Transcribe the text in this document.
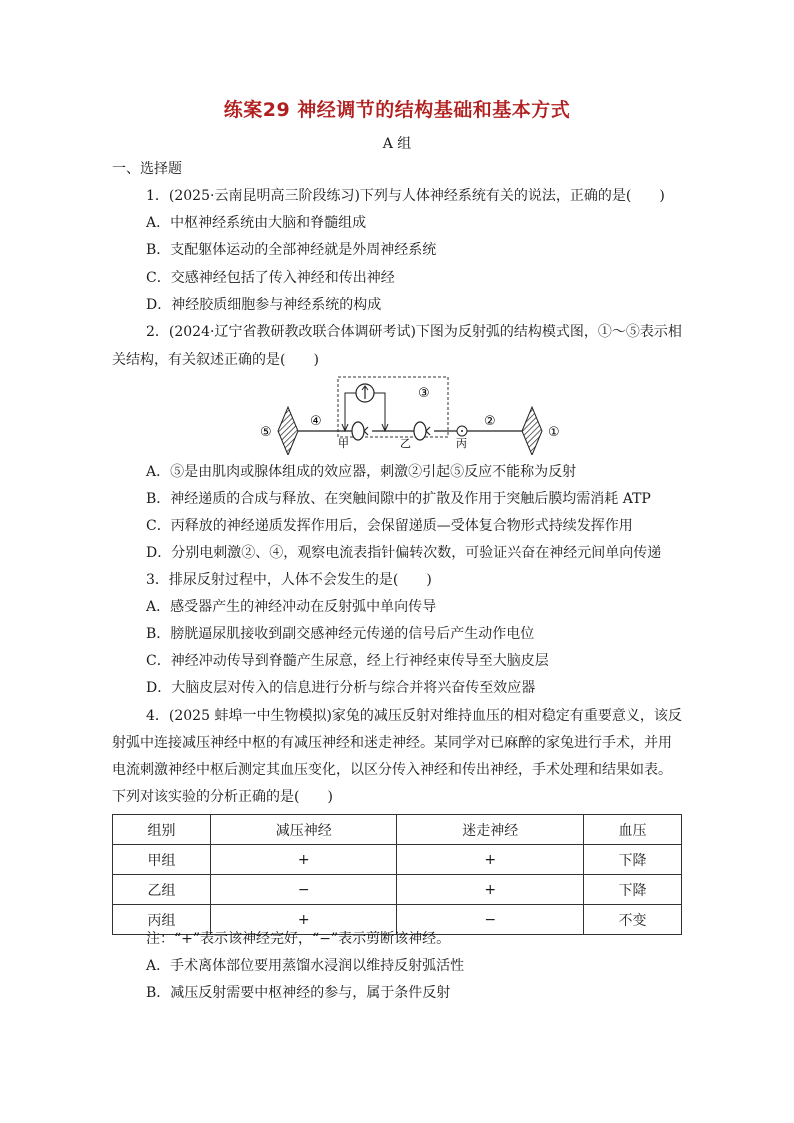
练案29 神经调节的结构基础和基本方式
A 组
一、选择题
1．(2025·云南昆明高三阶段练习)下列与人体神经系统有关的说法，正确的是(　　)
A．中枢神经系统由大脑和脊髓组成
B．支配躯体运动的全部神经就是外周神经系统
C．交感神经包括了传入神经和传出神经
D．神经胶质细胞参与神经系统的构成
2．(2024·辽宁省教研教改联合体调研考试)下图为反射弧的结构模式图，①～⑤表示相
关结构，有关叙述正确的是(　　)
⑤	①
③
④
甲	乙	丙
②
A．⑤是由肌肉或腺体组成的效应器，刺激②引起⑤反应不能称为反射
B．神经递质的合成与释放、在突触间隙中的扩散及作用于突触后膜均需消耗 ATP
C．丙释放的神经递质发挥作用后，会保留递质—受体复合物形式持续发挥作用
D．分别电刺激②、④，观察电流表指针偏转次数，可验证兴奋在神经元间单向传递
3．排尿反射过程中，人体不会发生的是(　　)
A．感受器产生的神经冲动在反射弧中单向传导
B．膀胱逼尿肌接收到副交感神经元传递的信号后产生动作电位
C．神经冲动传导到脊髓产生尿意，经上行神经束传导至大脑皮层
D．大脑皮层对传入的信息进行分析与综合并将兴奋传至效应器
4．(2025 蚌埠一中生物模拟)家兔的减压反射对维持血压的相对稳定有重要意义，该反
射弧中连接减压神经中枢的有减压神经和迷走神经。某同学对已麻醉的家兔进行手术，并用
电流刺激神经中枢后测定其血压变化，以区分传入神经和传出神经，手术处理和结果如表。
下列对该实验的分析正确的是(　　)
组别	减压神经	迷走神经	血压
甲组	+	+	下降
乙组	−	+	下降
丙组	+	−	不变
注：“+”表示该神经完好，“−”表示剪断该神经。
A．手术离体部位要用蒸馏水浸润以维持反射弧活性
B．减压反射需要中枢神经的参与，属于条件反射
